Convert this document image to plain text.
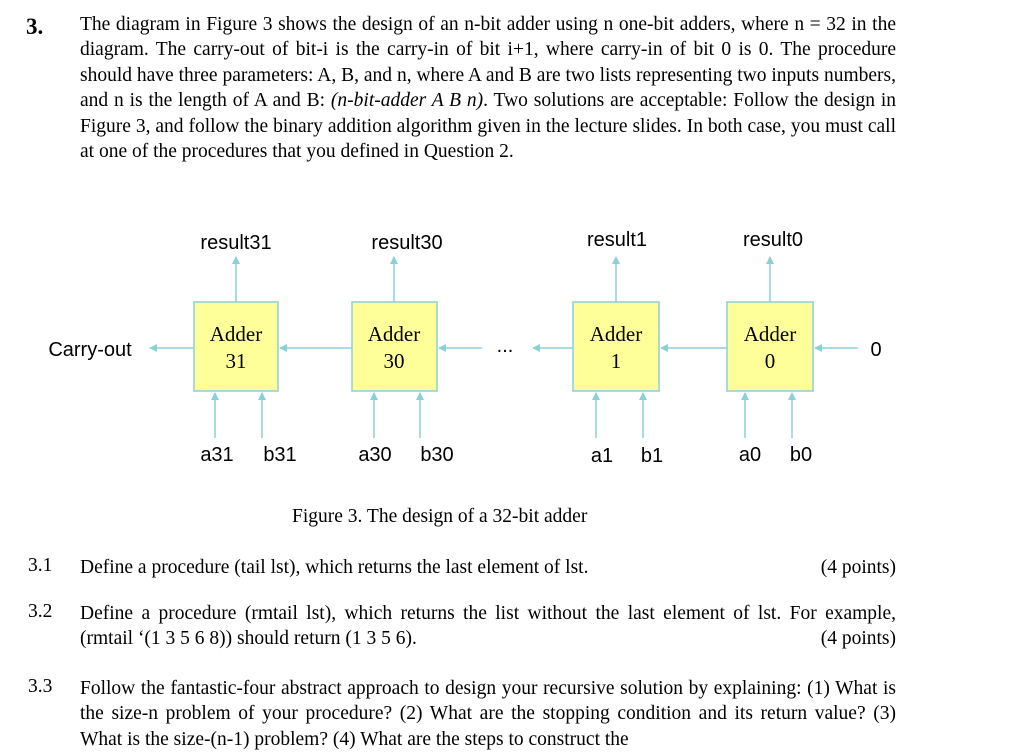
3. The diagram in Figure 3 shows the design of an n-bit adder using n one-bit adders, where n = 32 in the diagram. The carry-out of bit-i is the carry-in of bit i+1, where carry-in of bit 0 is 0. The procedure should have three parameters: A, B, and n, where A and B are two lists representing two inputs numbers, and n is the length of A and B: (n-bit-adder A B n). Two solutions are acceptable: Follow the design in Figure 3, and follow the binary addition algorithm given in the lecture slides. In both case, you must call at one of the procedures that you defined in Question 2.
result31	result30	result1	result0
Adder
31
Adder
30
Adder
1
Adder
0
...
Carry-out	0
a31 b31	a30 b30	a1 b1	a0 b0
Figure 3. The design of a 32-bit adder
3.1	(4 points)
Define a procedure (tail lst), which returns the last element of lst.
3.2 Define a procedure (rmtail lst), which returns the list without the last element of lst. For example, (rmtail ‘(1 3 5 6 8)) should return (1 3 5 6).	(4 points)
3.3 Follow the fantastic-four abstract approach to design your recursive solution by explaining: (1) What is the size-n problem of your procedure? (2) What are the stopping condition and its return value? (3) What is the size-(n-1) problem? (4) What are the steps to construct the
